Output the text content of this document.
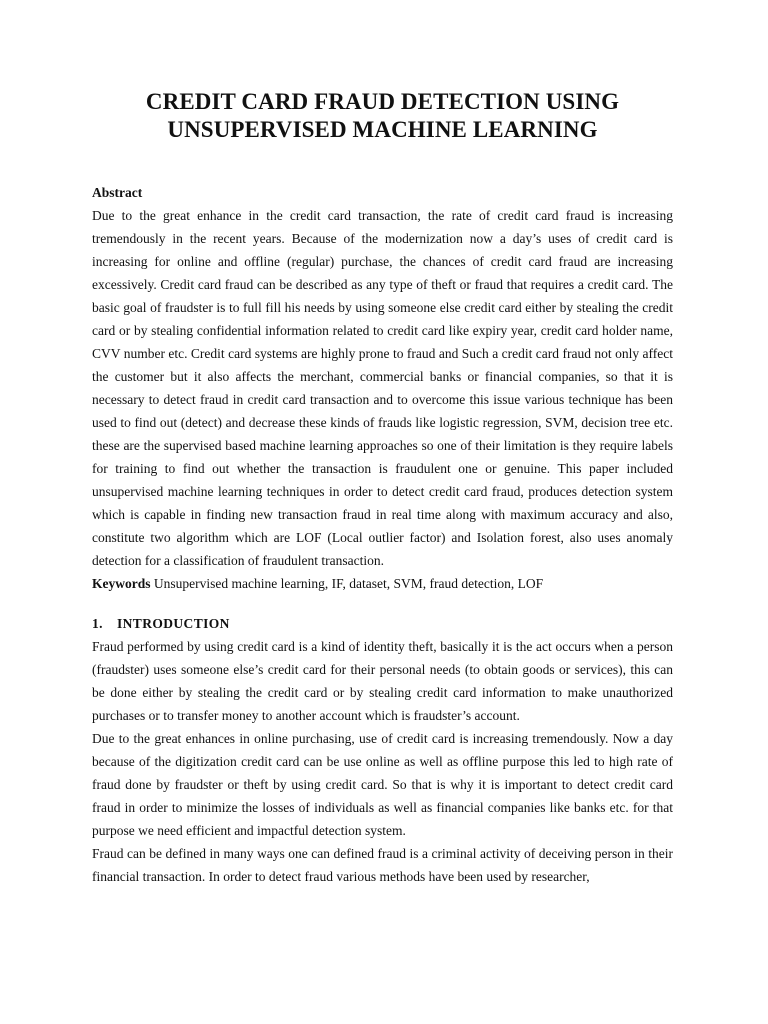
CREDIT CARD FRAUD DETECTION USING
UNSUPERVISED MACHINE LEARNING
Abstract

Due to the great enhance in the credit card transaction, the rate of credit card fraud is increasing tremendously in the recent years. Because of the modernization now a day’s uses of credit card is increasing for online and offline (regular) purchase, the chances of credit card fraud are increasing excessively. Credit card fraud can be described as any type of theft or fraud that requires a credit card. The basic goal of fraudster is to full fill his needs by using someone else credit card either by stealing the credit card or by stealing confidential information related to credit card like expiry year, credit card holder name, CVV number etc. Credit card systems are highly prone to fraud and Such a credit card fraud not only affect the customer but it also affects the merchant, commercial banks or financial companies, so that it is necessary to detect fraud in credit card transaction and to overcome this issue various technique has been used to find out (detect) and decrease these kinds of frauds like logistic regression, SVM, decision tree etc. these are the supervised based machine learning approaches so one of their limitation is they require labels for training to find out whether the transaction is fraudulent one or genuine. This paper included unsupervised machine learning techniques in order to detect credit card fraud, produces detection system which is capable in finding new transaction fraud in real time along with maximum accuracy and also, constitute two algorithm which are LOF (Local outlier factor) and Isolation forest, also uses anomaly detection for a classification of fraudulent transaction.

Keywords Unsupervised machine learning, IF, dataset, SVM, fraud detection, LOF

1. INTRODUCTION

Fraud performed by using credit card is a kind of identity theft, basically it is the act occurs when a person (fraudster) uses someone else’s credit card for their personal needs (to obtain goods or services), this can be done either by stealing the credit card or by stealing credit card information to make unauthorized purchases or to transfer money to another account which is fraudster’s account.

Due to the great enhances in online purchasing, use of credit card is increasing tremendously. Now a day because of the digitization credit card can be use online as well as offline purpose this led to high rate of fraud done by fraudster or theft by using credit card. So that is why it is important to detect credit card fraud in order to minimize the losses of individuals as well as financial companies like banks etc. for that purpose we need efficient and impactful detection system.

Fraud can be defined in many ways one can defined fraud is a criminal activity of deceiving person in their financial transaction. In order to detect fraud various methods have been used by researcher,
